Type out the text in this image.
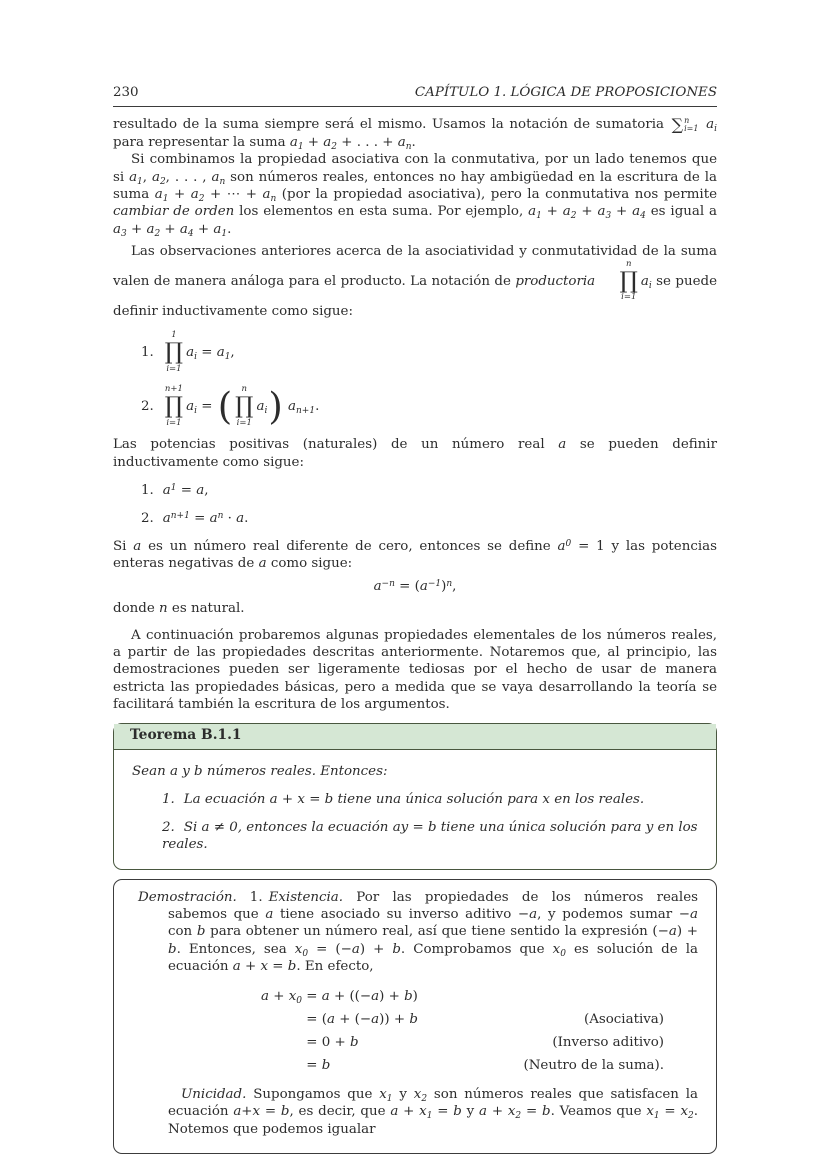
230	CAPÍTULO 1. LÓGICA DE PROPOSICIONES

resultado de la suma siempre será el mismo. Usamos la notación de sumatoria ∑ n
i=1 $a_i$ para representar la suma $a_1 + a_2$ + . . . + $a_n$.

Si combinamos la propiedad asociativa con la conmutativa, por un lado tenemos que si $a_1$, $a_2$, . . . , $a_n$ son números reales, entonces no hay ambigüedad en la escritura de la suma $a_1 + a_2$ + ⋯ + $a_n$ (por la propiedad asociativa), pero la conmutativa nos permite cambiar de orden los elementos en esta suma. Por ejemplo, $a_1 + a_2 + a_3 + a_4$ es igual a $a_3 + a_2 + a_4 + a_1$.

Las observaciones anteriores acerca de la asociatividad y conmutatividad de la suma valen de manera análoga para el producto. La notación de productoria
n
∏
i=1
$a_i$ se puede definir inductivamente como sigue:

1.
1
∏
i=1
$a_i = a_1$,
2.
n+1
∏
i=1
$a_i$ = ( n
∏
i=1
$a_i$) $a_{n+1}$.

Las potencias positivas (naturales) de un número real a se pueden definir inductivamente como sigue:

1. $a^1 = a$,
2. $a^{n+1} = a^n \cdot a$.

Si a es un número real diferente de cero, entonces se define $a^0 = 1$ y las potencias enteras negativas de a como sigue:

$a^{-n} = (a^{-1})^n$,

donde n es natural.

A continuación probaremos algunas propiedades elementales de los números reales, a partir de las propiedades descritas anteriormente. Notaremos que, al principio, las demostraciones pueden ser ligeramente tediosas por el hecho de usar de manera estricta las propiedades básicas, pero a medida que se vaya desarrollando la teoría se facilitará también la escritura de los argumentos.

Teorema B.1.1

Sean a y b números reales. Entonces:

1. La ecuación a + x = b tiene una única solución para x en los reales.
2. Si a ≠ 0, entonces la ecuación ay = b tiene una única solución para y en los reales.
Demostración. 1. Existencia. Por las propiedades de los números reales sabemos que a tiene asociado su inverso aditivo −a, y podemos sumar −a con b para obtener un número real, así que tiene sentido la expresión (−a) + b. Entonces, sea $x_0 = (-a) + b$. Comprobamos que $x_0$ es solución de la ecuación a + x = b. En efecto,
$a + x_0 = a + ((-a) + b)$
= (a + (−a)) + b	(Asociativa)
= 0 + b	(Inverso aditivo)
= b	(Neutro de la suma).
Unicidad. Supongamos que $x_1$ y $x_2$ son números reales que satisfacen la ecuación a+x = b, es decir, que $a + x_1 = b$ y $a + x_2 = b$. Veamos que $x_1 = x_2$. Notemos que podemos igualar
